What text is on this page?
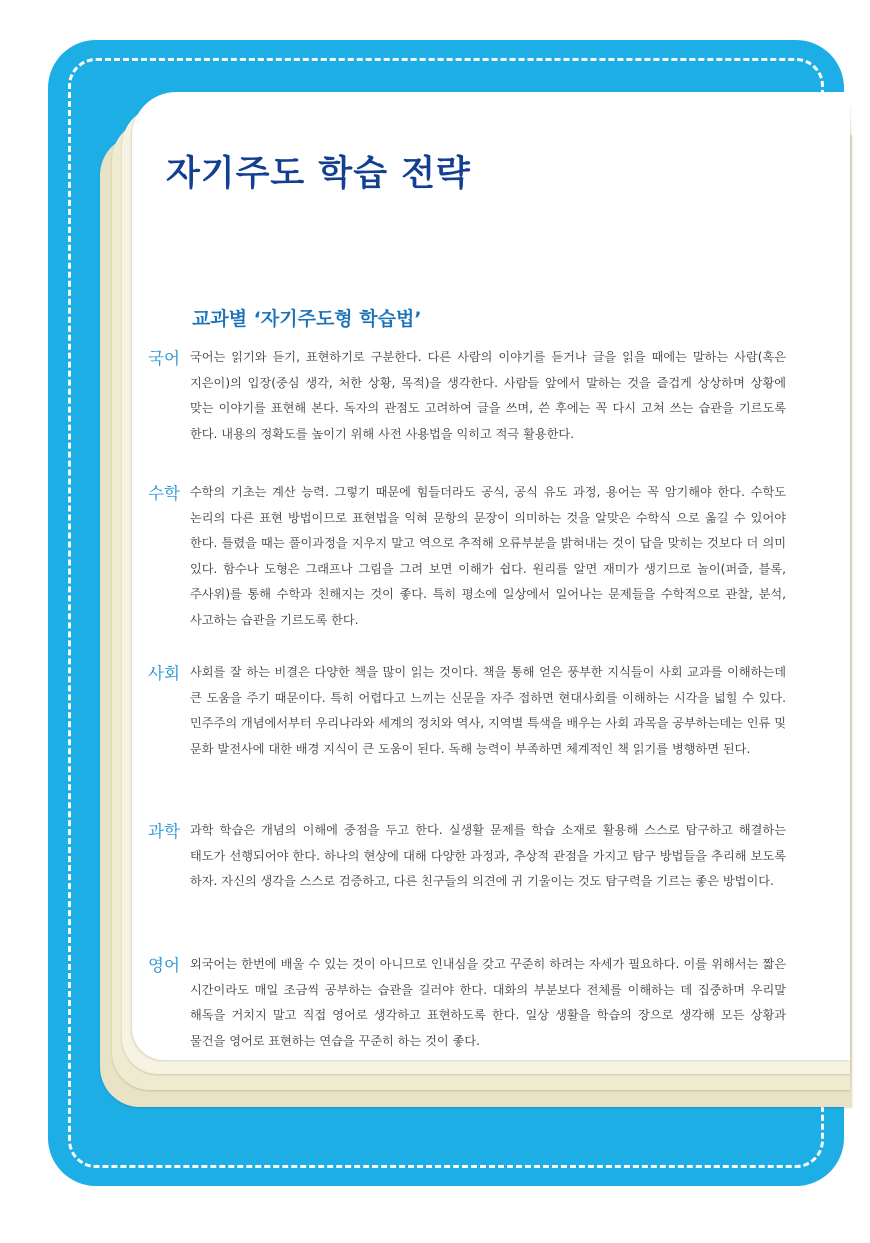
자기주도 학습 전략
교과별 ‘자기주도형 학습법’
국어 국어는 읽기와 듣기, 표현하기로 구분한다. 다른 사람의 이야기를 듣거나 글을 읽을 때에는 말하는 사람(혹은 지은이)의 입장(중심 생각, 처한 상황, 목적)을 생각한다. 사람들 앞에서 말하는 것을 즐겁게 상상하며 상황에 맞는 이야기를 표현해 본다. 독자의 관점도 고려하여 글을 쓰며, 쓴 후에는 꼭 다시 고쳐 쓰는 습관을 기르도록 한다. 내용의 정확도를 높이기 위해 사전 사용법을 익히고 적극 활용한다.

수학 수학의 기초는 계산 능력. 그렇기 때문에 힘들더라도 공식, 공식 유도 과정, 용어는 꼭 암기해야 한다. 수학도 논리의 다른 표현 방법이므로 표현법을 익혀 문항의 문장이 의미하는 것을 알맞은 수학식 으로 옮길 수 있어야 한다. 틀렸을 때는 풀이과정을 지우지 말고 역으로 추적해 오류부분을 밝혀내는 것이 답을 맞히는 것보다 더 의미 있다. 함수나 도형은 그래프나 그림을 그려 보면 이해가 쉽다. 원리를 알면 재미가 생기므로 놀이(퍼즐, 블록, 주사위)를 통해 수학과 친해지는 것이 좋다. 특히 평소에 일상에서 일어나는 문제들을 수학적으로 관찰, 분석, 사고하는 습관을 기르도록 한다.

사회 사회를 잘 하는 비결은 다양한 책을 많이 읽는 것이다. 책을 통해 얻은 풍부한 지식들이 사회 교과를 이해하는데 큰 도움을 주기 때문이다. 특히 어렵다고 느끼는 신문을 자주 접하면 현대사회를 이해하는 시각을 넓힐 수 있다. 민주주의 개념에서부터 우리나라와 세계의 정치와 역사, 지역별 특색을 배우는 사회 과목을 공부하는데는 인류 및 문화 발전사에 대한 배경 지식이 큰 도움이 된다. 독해 능력이 부족하면 체계적인 책 읽기를 병행하면 된다.

과학 과학 학습은 개념의 이해에 중점을 두고 한다. 실생활 문제를 학습 소재로 활용해 스스로 탐구하고 해결하는 태도가 선행되어야 한다. 하나의 현상에 대해 다양한 과정과, 추상적 관점을 가지고 탐구 방법들을 추리해 보도록 하자. 자신의 생각을 스스로 검증하고, 다른 친구들의 의견에 귀 기울이는 것도 탐구력을 기르는 좋은 방법이다.

영어 외국어는 한번에 배울 수 있는 것이 아니므로 인내심을 갖고 꾸준히 하려는 자세가 필요하다. 이를 위해서는 짧은 시간이라도 매일 조금씩 공부하는 습관을 길러야 한다. 대화의 부분보다 전체를 이해하는 데 집중하며 우리말 해독을 거치지 말고 직접 영어로 생각하고 표현하도록 한다. 일상 생활을 학습의 장으로 생각해 모든 상황과 물건을 영어로 표현하는 연습을 꾸준히 하는 것이 좋다.
